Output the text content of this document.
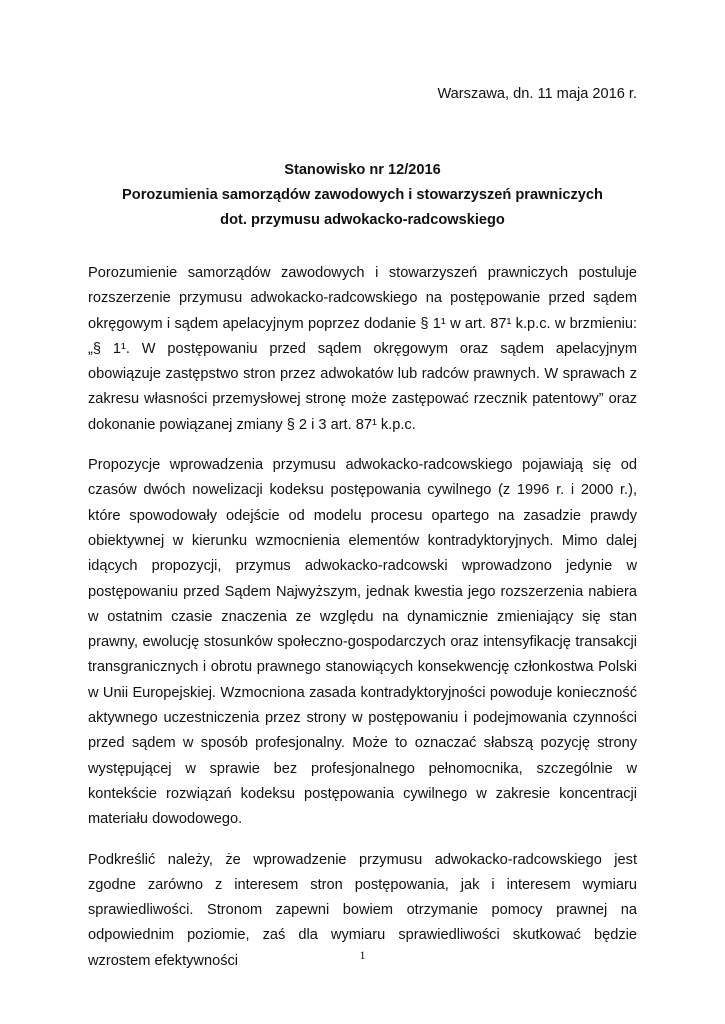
Warszawa, dn. 11 maja 2016 r.

Stanowisko nr 12/2016
Porozumienia samorządów zawodowych i stowarzyszeń prawniczych
dot. przymusu adwokacko-radcowskiego

Porozumienie samorządów zawodowych i stowarzyszeń prawniczych postuluje rozszerzenie przymusu adwokacko-radcowskiego na postępowanie przed sądem okręgowym i sądem apelacyjnym poprzez dodanie § 1¹ w art. 87¹ k.p.c. w brzmieniu: „§ 1¹. W postępowaniu przed sądem okręgowym oraz sądem apelacyjnym obowiązuje zastępstwo stron przez adwokatów lub radców prawnych. W sprawach z zakresu własności przemysłowej stronę może zastępować rzecznik patentowy” oraz dokonanie powiązanej zmiany § 2 i 3 art. 87¹ k.p.c.

Propozycje wprowadzenia przymusu adwokacko-radcowskiego pojawiają się od czasów dwóch nowelizacji kodeksu postępowania cywilnego (z 1996 r. i 2000 r.), które spowodowały odejście od modelu procesu opartego na zasadzie prawdy obiektywnej w kierunku wzmocnienia elementów kontradyktoryjnych. Mimo dalej idących propozycji, przymus adwokacko-radcowski wprowadzono jedynie w postępowaniu przed Sądem Najwyższym, jednak kwestia jego rozszerzenia nabiera w ostatnim czasie znaczenia ze względu na dynamicznie zmieniający się stan prawny, ewolucję stosunków społeczno-gospodarczych oraz intensyfikację transakcji transgranicznych i obrotu prawnego stanowiących konsekwencję członkostwa Polski w Unii Europejskiej. Wzmocniona zasada kontradyktoryjności powoduje konieczność aktywnego uczestniczenia przez strony w postępowaniu i podejmowania czynności przed sądem w sposób profesjonalny. Może to oznaczać słabszą pozycję strony występującej w sprawie bez profesjonalnego pełnomocnika, szczególnie w kontekście rozwiązań kodeksu postępowania cywilnego w zakresie koncentracji materiału dowodowego.

Podkreślić należy, że wprowadzenie przymusu adwokacko-radcowskiego jest zgodne zarówno z interesem stron postępowania, jak i interesem wymiaru sprawiedliwości. Stronom zapewni bowiem otrzymanie pomocy prawnej na odpowiednim poziomie, zaś dla wymiaru sprawiedliwości skutkować będzie wzrostem efektywności	1
